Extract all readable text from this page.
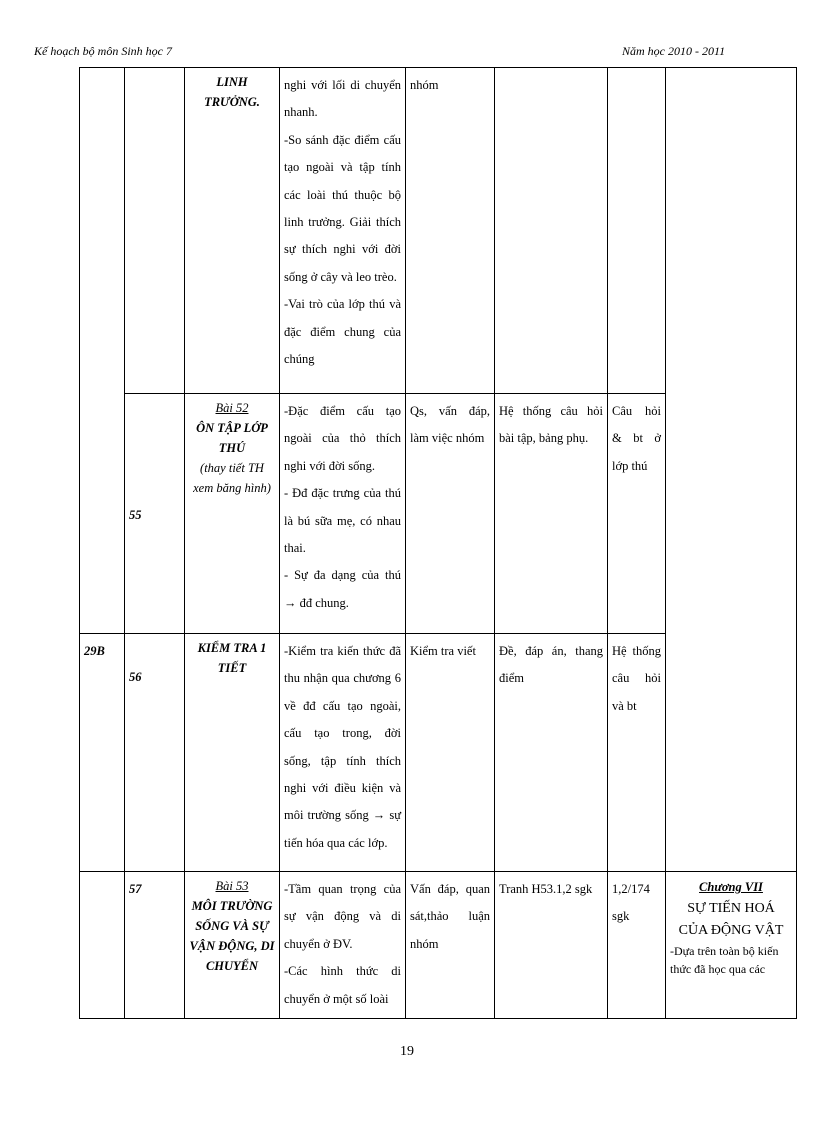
Kế hoạch bộ môn Sinh học 7	Năm học 2010 - 2011
		LINH TRƯỞNG.	nghi với lối di chuyển nhanh.
-So sánh đặc điểm cấu tạo ngoài và tập tính các loài thú thuộc bộ linh trưởng. Giải thích sự thích nghi với đời sống ở cây và leo trèo.
-Vai trò của lớp thú và đặc điểm chung của chúng	nhóm			
	55	Bài 52
ÔN TẬP LỚP THÚ
(thay tiết TH xem băng hình)	-Đặc điểm cấu tạo ngoài của thỏ thích nghi với đời sống.
- Đđ đặc trưng của thú là bú sữa mẹ, có nhau thai.
- Sự đa dạng của thú → đđ chung.	Qs, vấn đáp, làm việc nhóm	Hệ thống câu hỏi bài tập, bảng phụ.	Câu hỏi & bt ở lớp thú	
29B	56	KIỂM TRA 1 TIẾT	-Kiểm tra kiến thức đã thu nhận qua chương 6 về đđ cấu tạo ngoài, cấu tạo trong, đời sống, tập tính thích nghi với điều kiện và môi trường sống → sự tiến hóa qua các lớp.	Kiểm tra viết	Đề, đáp án, thang điểm	Hệ thống câu hỏi và bt	
	57	Bài 53
MÔI TRƯỜNG SỐNG VÀ SỰ VẬN ĐỘNG, DI CHUYỂN	-Tầm quan trọng của sự vận động và di chuyển ở ĐV.
-Các hình thức di chuyển ở một số loài	Vấn đáp, quan sát,thảo luận nhóm	Tranh H53.1,2 sgk	1,2/174 sgk	Chương VII
SỰ TIẾN HOÁ
CỦA ĐỘNG VẬT
-Dựa trên toàn bộ kiến thức đã học qua các
19
